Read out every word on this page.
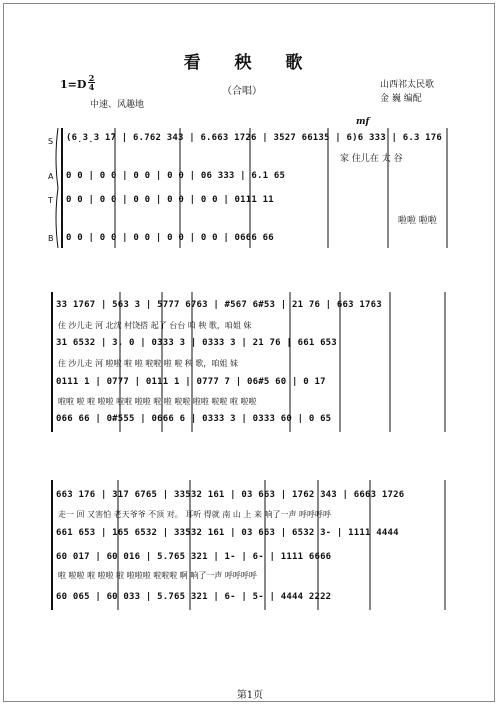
看 秧 歌
1=D 2
4
中速、风趣地
（合唱）
山西祁太民歌
金 巍 编配
S
A
T
B
mf
(6̣3̣3 1̇7 | 6.762 343 | 6.663 1726 | 3527 66135 | 6)6 333 | 6.3 176
家 住儿在 太 谷
0 0 | 0 0 | 0 0 | 0 0 | 06 333 | 6.1 65
0 0 | 0 0 | 0 0 | 0 0 | 0 0 | 0111 11
啦啦 啦啦
0 0 | 0 0 | 0 0 | 0 0 | 0 0 | 0666 66
33 1767 | 563 3 | 5777 6763 | #567 6#53 | 21 76 | 663 1763
住 沙儿走 河 北沈 村饶搭 起了 台台 咱 秧 歌，咱姐 妹
31 6532 | 3. 0 | 0333 3 | 0333 3 | 21 76 | 661 653
住 沙儿走 河 啦啦 啦 啦 啦啦 啦 啦 秧 歌，咱姐 妹
0111 1 | 0777 | 0111 1 | 0777 7 | 06#5 60 | 0 17
啦啦 啦 啦 啦啦 啦啦 啦啦 啦 啦 啦啦 啦啦 啦啦 啦 啦啦
066 66 | 0#555 | 0666 6 | 0333 3 | 0333 60 | 0 65
663 176 | 317 6765 | 33532 161 | 03 663 | 1762 343 | 6663 1726
走一 回 又害怕 老天爷爷 不顶 对。 耳听 得就 南 山 上 来 响了一声 呼呼呼呼
661 653 | 165 6532 | 33532 161 | 03 663 | 6532 3- | 1111 4444
60 017 | 60 016 | 5.765 321 | 1- | 6- | 1111 6666
啦 啦啦 啦 啦啦 啦 啦啦啦 啦啦啦 啊 响了一声 呼呼呼呼
60 065 | 60 033 | 5.765 321 | 6- | 5- | 4444 2222
第1页
